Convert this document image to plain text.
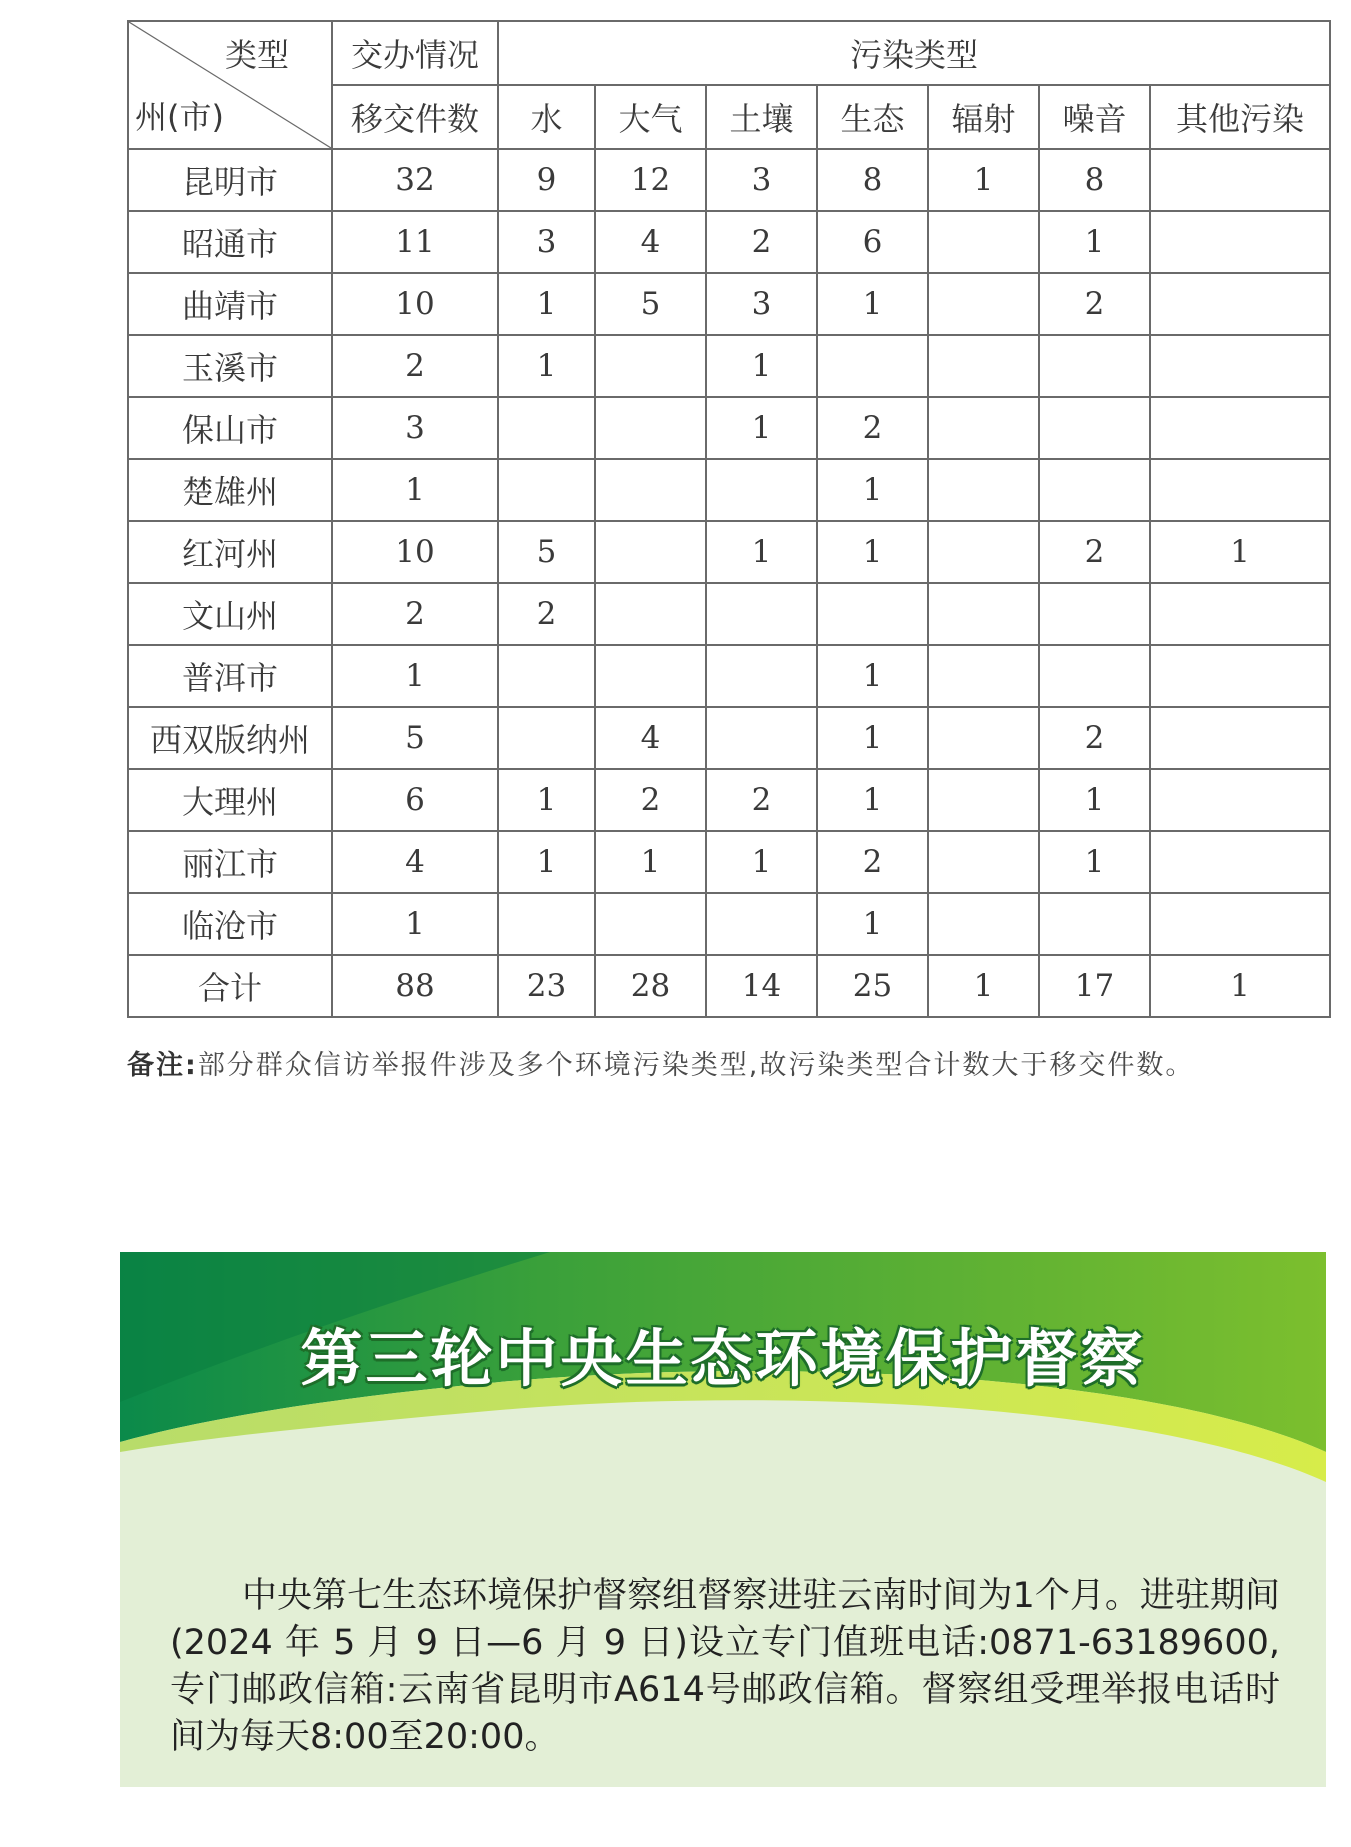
类型
州(市)	交办情况	污染类型						
	移交件数	水	大气	土壤	生态	辐射	噪音	其他污染
昆明市	32	9	12	3	8	1	8	
昭通市	11	3	4	2	6		1	
曲靖市	10	1	5	3	1		2	
玉溪市	2	1		1				
保山市	3			1	2			
楚雄州	1				1			
红河州	10	5		1	1		2	1
文山州	2	2						
普洱市	1				1			
西双版纳州	5		4		1		2	
大理州	6	1	2	2	1		1	
丽江市	4	1	1	1	2		1	
临沧市	1				1			
合计	88	23	28	14	25	1	17	1
备注:部分群众信访举报件涉及多个环境污染类型,故污染类型合计数大于移交件数。
第三轮中央生态环境保护督察

中央第七生态环境保护督察组督察进驻云南时间为1个月。进驻期间(2024 年 5 月 9 日—6 月 9 日)设立专门值班电话:0871-63189600,专门邮政信箱:云南省昆明市A614号邮政信箱。督察组受理举报电话时间为每天8:00至20:00。
